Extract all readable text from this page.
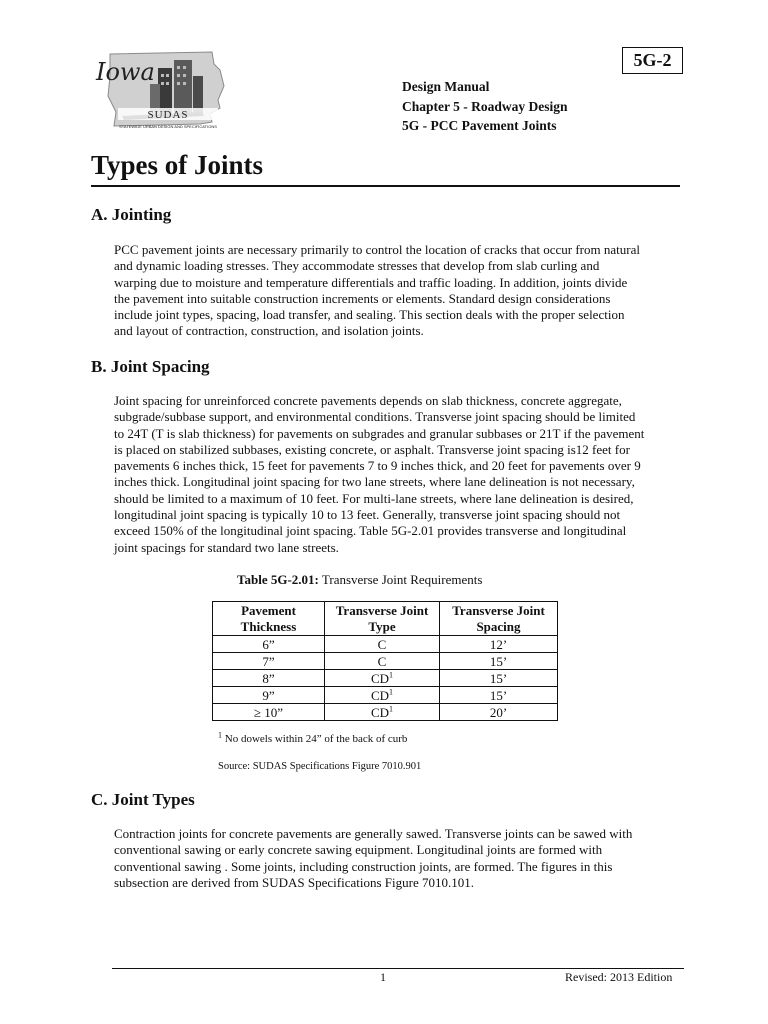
5G-2
Iowa
SUDAS
STATEWIDE URBAN DESIGN AND SPECIFICATIONS
Design Manual
Chapter 5 - Roadway Design
5G - PCC Pavement Joints
Types of Joints
A. Jointing

PCC pavement joints are necessary primarily to control the location of cracks that occur from natural
and dynamic loading stresses. They accommodate stresses that develop from slab curling and
warping due to moisture and temperature differentials and traffic loading. In addition, joints divide
the pavement into suitable construction increments or elements. Standard design considerations
include joint types, spacing, load transfer, and sealing. This section deals with the proper selection
and layout of contraction, construction, and isolation joints.

B. Joint Spacing

Joint spacing for unreinforced concrete pavements depends on slab thickness, concrete aggregate,
subgrade/subbase support, and environmental conditions. Transverse joint spacing should be limited
to 24T (T is slab thickness) for pavements on subgrades and granular subbases or 21T if the pavement
is placed on stabilized subbases, existing concrete, or asphalt. Transverse joint spacing is12 feet for
pavements 6 inches thick, 15 feet for pavements 7 to 9 inches thick, and 20 feet for pavements over 9
inches thick. Longitudinal joint spacing for two lane streets, where lane delineation is not necessary,
should be limited to a maximum of 10 feet. For multi-lane streets, where lane delineation is desired,
longitudinal joint spacing is typically 10 to 13 feet. Generally, transverse joint spacing should not
exceed 150% of the longitudinal joint spacing. Table 5G-2.01 provides transverse and longitudinal
joint spacings for standard two lane streets.

Table 5G-2.01: Transverse Joint Requirements
Pavement Thickness	Transverse Joint Type	Transverse Joint Spacing
6”	C	12’
7”	C	15’
8”	$CD^1$	15’
9”	$CD^1$	15’
≥ 10”	$CD^1$	20’
$^1$ No dowels within 24” of the back of curb
Source: SUDAS Specifications Figure 7010.901
C. Joint Types

Contraction joints for concrete pavements are generally sawed. Transverse joints can be sawed with
conventional sawing or early concrete sawing equipment. Longitudinal joints are formed with
conventional sawing . Some joints, including construction joints, are formed. The figures in this
subsection are derived from SUDAS Specifications Figure 7010.101.

1	Revised: 2013 Edition
